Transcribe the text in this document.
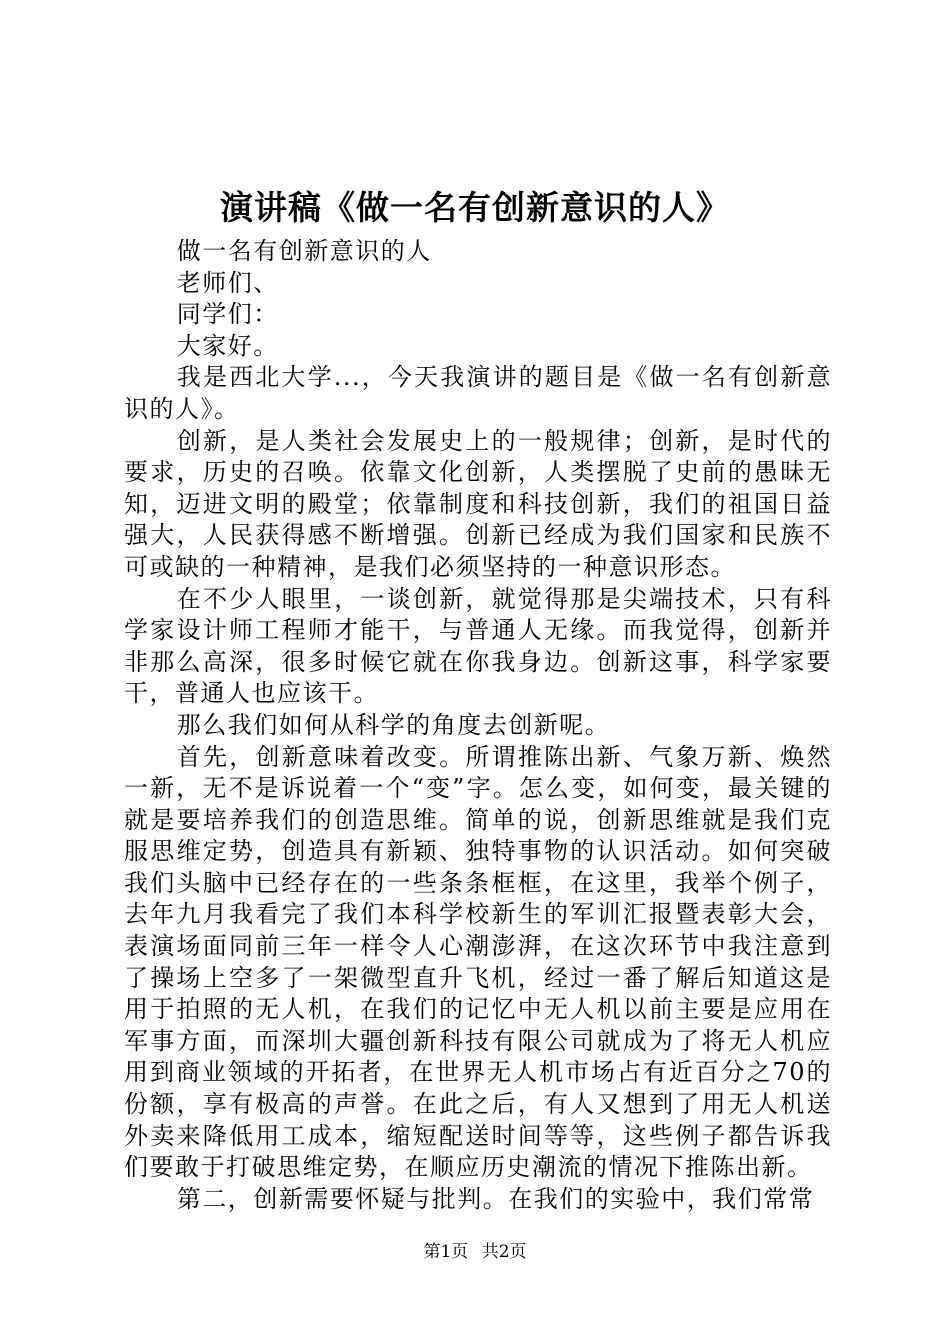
演讲稿《做一名有创新意识的人》

做一名有创新意识的人

老师们、

同学们：

大家好。

我是西北大学...，今天我演讲的题目是《做一名有创新意识的人》。

创新，是人类社会发展史上的一般规律；创新，是时代的要求，历史的召唤。依靠文化创新，人类摆脱了史前的愚昧无知，迈进文明的殿堂；依靠制度和科技创新，我们的祖国日益强大，人民获得感不断增强。创新已经成为我们国家和民族不可或缺的一种精神，是我们必须坚持的一种意识形态。

在不少人眼里，一谈创新，就觉得那是尖端技术，只有科学家设计师工程师才能干，与普通人无缘。而我觉得，创新并非那么高深，很多时候它就在你我身边。创新这事，科学家要干，普通人也应该干。

那么我们如何从科学的角度去创新呢。

首先，创新意味着改变。所谓推陈出新、气象万新、焕然一新，无不是诉说着一个“变”字。怎么变，如何变，最关键的就是要培养我们的创造思维。简单的说，创新思维就是我们克服思维定势，创造具有新颖、独特事物的认识活动。如何突破我们头脑中已经存在的一些条条框框，在这里，我举个例子，去年九月我看完了我们本科学校新生的军训汇报暨表彰大会，表演场面同前三年一样令人心潮澎湃，在这次环节中我注意到了操场上空多了一架微型直升飞机，经过一番了解后知道这是用于拍照的无人机，在我们的记忆中无人机以前主要是应用在军事方面，而深圳大疆创新科技有限公司就成为了将无人机应用到商业领域的开拓者，在世界无人机市场占有近百分之70的份额，享有极高的声誉。在此之后，有人又想到了用无人机送外卖来降低用工成本，缩短配送时间等等，这些例子都告诉我们要敢于打破思维定势，在顺应历史潮流的情况下推陈出新。

第二，创新需要怀疑与批判。在我们的实验中，我们常常

第1页 共2页
